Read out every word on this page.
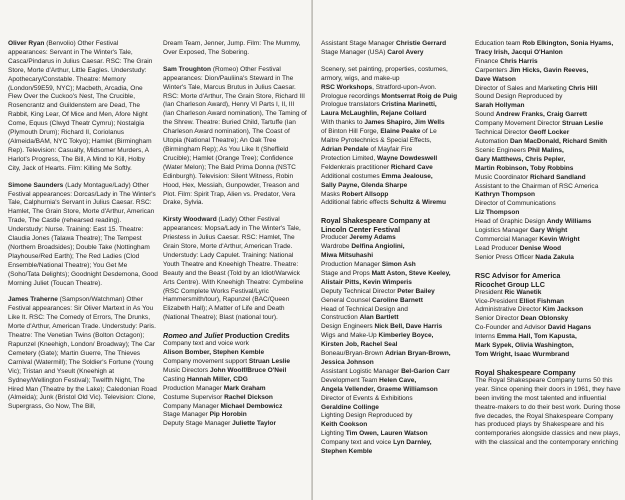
Oliver Ryan (Benvolio) Other Festival appearances: Servant in The Winter's Tale, Casca/Pindarus in Julius Caesar. RSC: The Grain Store, Morte d'Arthur, Little Eagles. Understudy: Apothecary/Constable. Theatre: Memory (London/59E59, NYC); Macbeth, Arcadia, One Flew Over the Cuckoo's Nest, The Crucible, Rosencrantz and Guildenstern are Dead, The Rabbit, King Lear, Of Mice and Men, Afore Night Come, Equus (Clwyd Theatr Cymru); Nostalgia (Plymouth Drum); Richard II, Coriolanus (Almeida/BAM, NYC Tokyo); Hamlet (Birmingham Rep). Television: Casualty, Midsomer Murders, A Harlot's Progress, The Bill, A Mind to Kill, Holby City, Jack of Hearts. Film: Killing Me Softly.

Simone Saunders (Lady Montague/Lady) Other Festival appearances: Dorcas/Lady in The Winter's Tale, Calphurnia's Servant in Julius Caesar. RSC: Hamlet, The Grain Store, Morte d'Arthur, American Trade, The Castle (rehearsed reading). Understudy: Nurse. Training: East 15. Theatre: Claudia Jones (Talawa Theatre); The Tempest (Northern Broadsides); Double Take (Nottingham Playhouse/Red Earth); The Red Ladies (Clod Ensemble/National Theatre); You Get Me (Soho/Tata Delights); Goodnight Desdemona, Good Morning Juliet (Toucan Theatre).

James Traherne (Sampson/Watchman) Other Festival appearances: Sir Oliver Martext in As You Like It. RSC: The Comedy of Errors, The Drunks, Morte d'Arthur, American Trade. Understudy: Paris. Theatre: The Venetian Twins (Bolton Octagon); Rapunzel (Kneehigh, London/ Broadway); The Car Cemetery (Gate); Martin Guerre, The Thieves Carnival (Watermill); The Soldier's Fortune (Young Vic); Tristan and Yseult (Kneehigh at Sydney/Wellington Festival); Twelfth Night, The Hired Man (Theatre by the Lake); Caledonian Road (Almeida); Junk (Bristol Old Vic). Television: Clone, Supergrass, Go Now, The Bill,

Dream Team, Jenner, Jump. Film: The Mummy, Over Exposed, The Sobering.

Sam Troughton (Romeo) Other Festival appearances: Dion/Pauliina's Steward in The Winter's Tale, Marcus Brutus in Julius Caesar. RSC: Morte d'Arthur, The Grain Store, Richard III (Ian Charleson Award), Henry VI Parts I, II, III (Ian Charleson Award nomination), The Taming of the Shrew. Theatre: Buried Child, Tartuffe (Ian Charleson Award nomination), The Coast of Utopia (National Theatre); An Oak Tree (Birmingham Rep); As You Like It (Sheffield Crucible); Hamlet (Orange Tree); Confidence (Water Melon); The Bald Prima Donna (NSTC Edinburgh). Television: Silent Witness, Robin Hood, Hex, Messiah, Gunpowder, Treason and Plot. Film: Spirit Trap, Alien vs. Predator, Vera Drake, Sylvia.

Kirsty Woodward (Lady) Other Festival appearances: Mopsa/Lady in The Winter's Tale, Priestess in Julius Caesar. RSC: Hamlet, The Grain Store, Morte d'Arthur, American Trade. Understudy: Lady Capulet. Training: National Youth Theatre and Kneehigh Theatre. Theatre: Beauty and the Beast (Told by an Idiot/Warwick Arts Centre). With Kneehigh Theatre: Cymbeline (RSC Complete Works Festival/Lyric Hammersmith/tour), Rapunzel (BAC/Queen Elizabeth Hall); A Matter of Life and Death (National Theatre); Blast (national tour).

Romeo and Juliet Production Credits

Company text and voice work

Alison Bomber, Stephen Kemble

Company movement support Struan Leslie

Music Directors John Woolf/Bruce O'Neil

Casting Hannah Miller, CDG

Production Manager Mark Graham

Costume Supervisor Rachel Dickson

Company Manager Michael Dembowicz

Stage Manager Pip Horobin

Deputy Stage Manager Juliette Taylor

Assistant Stage Manager Christie Gerrard

Stage Manager (USA) Carol Avery

Scenery, set painting, properties, costumes, armory, wigs, and make-up

RSC Workshops, Stratford-upon-Avon.

Prologue recordings Montserrat Roig de Puig

Prologue translators Cristina Marinetti,

Laura McLaughlin, Rejane Collard

With thanks to James Shapiro, Jim Wells

of Binton Hill Forge, Elaine Peake of Le

Maitre Pyrotechnics & Special Effects,

Adrian Pendale of Mayfair Fire

Protection Limited, Wayne Dowdeswell

Feldenkrais practitioner Richard Cave

Additional costumes Emma Jealouse,

Sally Payne, Glenda Sharpe

Masks Robert Allsopp

Additional fabric effects Schultz & Wiremu

Royal Shakespeare Company at

Lincoln Center Festival

Producer Jeremy Adams

Wardrobe Delfina Angiolini,

Miwa Mitsuhashi

Production Manager Simon Ash

Stage and Props Matt Aston, Steve Keeley,

Alistair Pitts, Kevin Wimperis

Deputy Technical Director Peter Bailey

General Counsel Caroline Barnett

Head of Technical Design and

Construction Alan Bartlett

Design Engineers Nick Bell, Dave Harris

Wigs and Make-Up Kimberley Boyce,

Kirsten Job, Rachel Seal

Boneau/Bryan-Brown Adrian Bryan-Brown,

Jessica Johnson

Assistant Logistic Manager Bel-Garion Carr

Development Team Helen Cave,

Angela Vellender, Graeme Williamson

Director of Events & Exhibitions

Geraldine Collinge

Lighting Design Reproduced by

Keith Cookson

Lighting Tim Owen, Lauren Watson

Company text and voice Lyn Darnley,

Stephen Kemble

Education team Rob Elkington, Sonia Hyams,

Tracy Irish, Jacqui O'Hanlon

Finance Chris Harris

Carpenters Jim Hicks, Gavin Reeves,

Dave Watson

Director of Sales and Marketing Chris Hill

Sound Design Reproduced by

Sarah Hollyman

Sound Andrew Franks, Craig Garrett

Company Movement Director Struan Leslie

Technical Director Geoff Locker

Automation Dan MacDonald, Richard Smith

Scenic Engineers Phil Malins,

Gary Matthews, Chris Pepler,

Martin Robinson, Toby Robbins

Music Coordinator Richard Sandland

Assistant to the Chairman of RSC America

Kathryn Thompson

Director of Communications

Liz Thompson

Head of Graphic Design Andy Williams

Logistics Manager Gary Wright

Commercial Manager Kevin Wright

Lead Producer Denise Wood

Senior Press Officer Nada Zakula

RSC Advisor for America

Ricochet Group LLC

President Ric Wanetik

Vice-President Elliot Fishman

Administrative Director Kim Jackson

Senior Director Dean Oblonsky

Co-Founder and Advisor David Hagans

Interns Emma Hall, Tom Kapusta,

Mark Sypek, Olivia Washington,

Tom Wright, Isaac Wurmbrand

Royal Shakespeare Company

The Royal Shakespeare Company turns 50 this year. Since opening their doors in 1961, they have been inviting the most talented and influential theatre-makers to do their best work. During those five decades, the Royal Shakespeare Company has produced plays by Shakespeare and his contemporaries alongside classics and new plays, with the classical and the contemporary enriching
